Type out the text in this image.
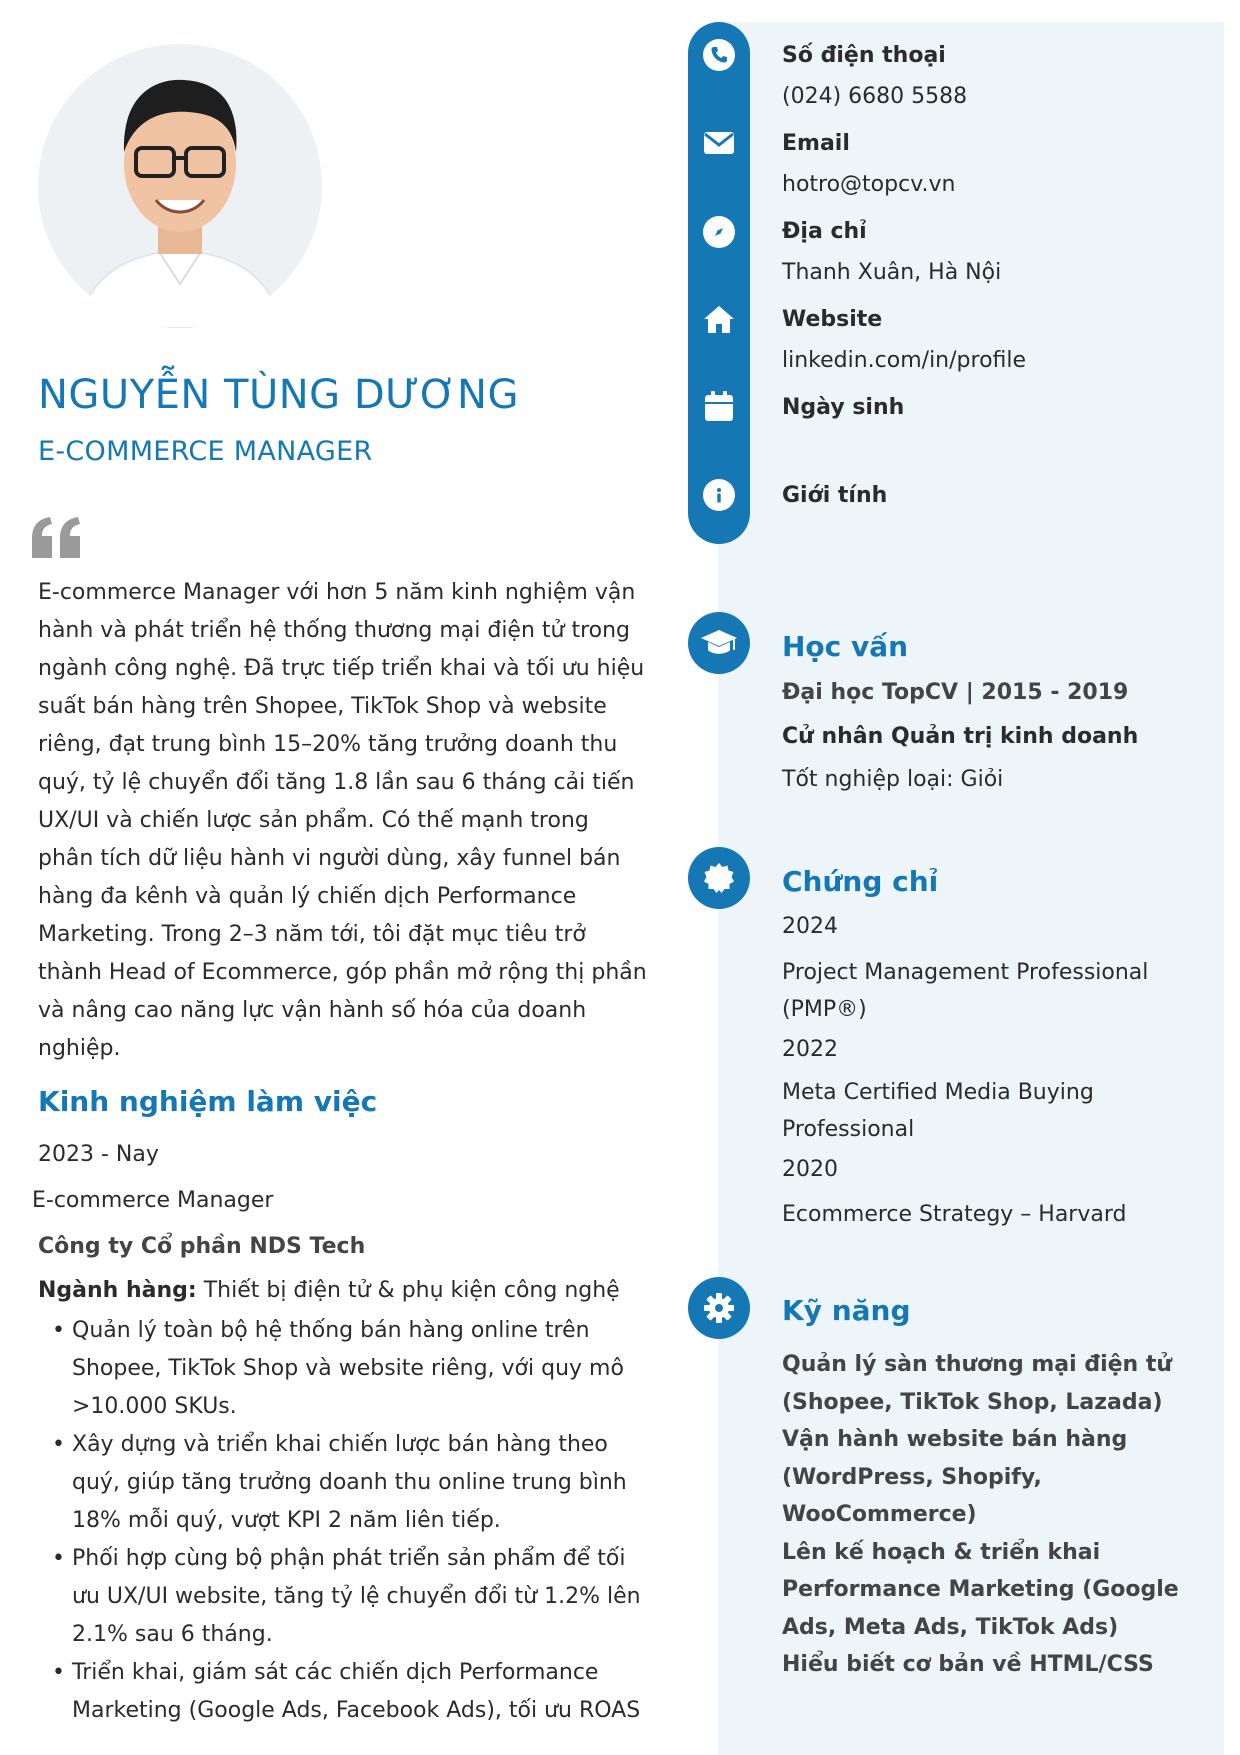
NGUYỄN TÙNG DƯƠNG
E-COMMERCE MANAGER
E-commerce Manager với hơn 5 năm kinh nghiệm vận hành và phát triển hệ thống thương mại điện tử trong ngành công nghệ. Đã trực tiếp triển khai và tối ưu hiệu suất bán hàng trên Shopee, TikTok Shop và website riêng, đạt trung bình 15–20% tăng trưởng doanh thu quý, tỷ lệ chuyển đổi tăng 1.8 lần sau 6 tháng cải tiến UX/UI và chiến lược sản phẩm. Có thế mạnh trong phân tích dữ liệu hành vi người dùng, xây funnel bán hàng đa kênh và quản lý chiến dịch Performance Marketing. Trong 2–3 năm tới, tôi đặt mục tiêu trở thành Head of Ecommerce, góp phần mở rộng thị phần và nâng cao năng lực vận hành số hóa của doanh nghiệp.
Kinh nghiệm làm việc
2023 - Nay
E-commerce Manager
Công ty Cổ phần NDS Tech
Ngành hàng: Thiết bị điện tử & phụ kiện công nghệ
• Quản lý toàn bộ hệ thống bán hàng online trên Shopee, TikTok Shop và website riêng, với quy mô >10.000 SKUs.
• Xây dựng và triển khai chiến lược bán hàng theo quý, giúp tăng trưởng doanh thu online trung bình 18% mỗi quý, vượt KPI 2 năm liên tiếp.
• Phối hợp cùng bộ phận phát triển sản phẩm để tối ưu UX/UI website, tăng tỷ lệ chuyển đổi từ 1.2% lên 2.1% sau 6 tháng.
• Triển khai, giám sát các chiến dịch Performance Marketing (Google Ads, Facebook Ads), tối ưu ROAS
Số điện thoại
(024) 6680 5588
Email
hotro@topcv.vn
Địa chỉ
Thanh Xuân, Hà Nội
Website
linkedin.com/in/profile
Ngày sinh
Giới tính
Học vấn
Đại học TopCV | 2015 - 2019
Cử nhân Quản trị kinh doanh
Tốt nghiệp loại: Giỏi
Chứng chỉ
2024
Project Management Professional (PMP®)
2022
Meta Certified Media Buying Professional
2020
Ecommerce Strategy – Harvard
Kỹ năng
Quản lý sàn thương mại điện tử (Shopee, TikTok Shop, Lazada)
Vận hành website bán hàng (WordPress, Shopify, WooCommerce)
Lên kế hoạch & triển khai Performance Marketing (Google Ads, Meta Ads, TikTok Ads)
Hiểu biết cơ bản về HTML/CSS
